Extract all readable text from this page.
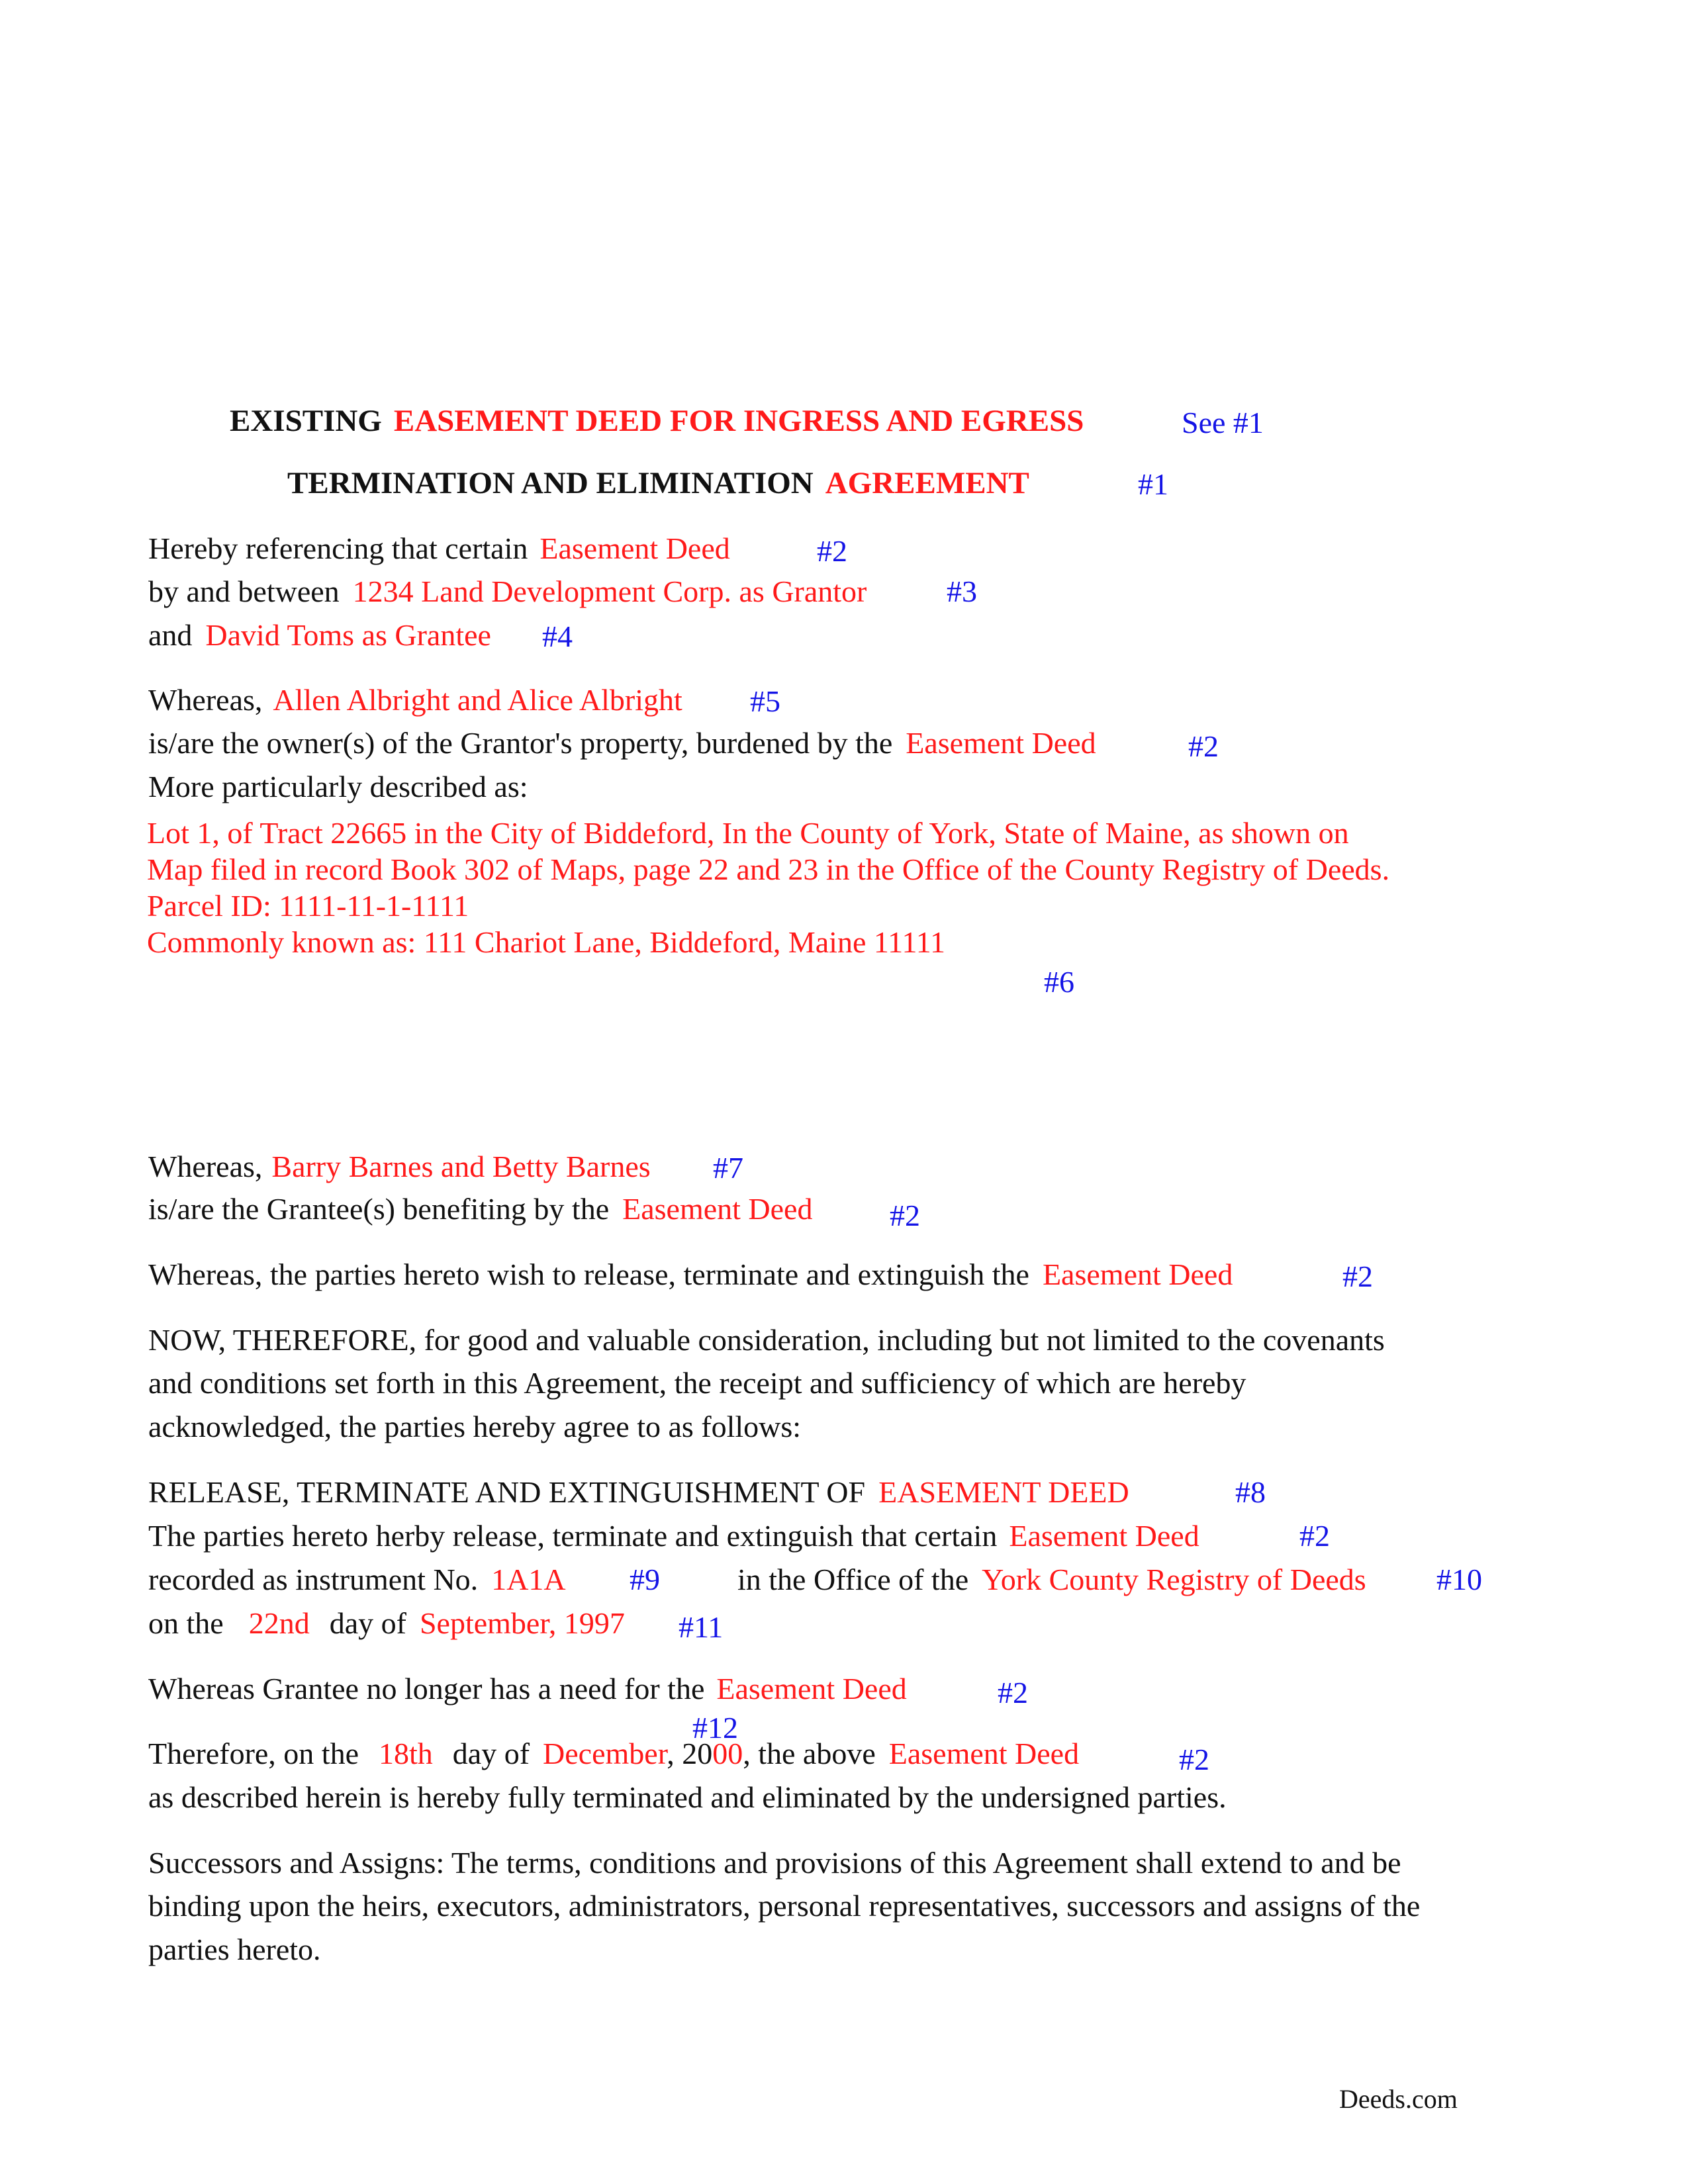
EXISTING EASEMENT DEED FOR INGRESS AND EGRESS	See #1
TERMINATION AND ELIMINATION AGREEMENT	#1
Hereby referencing that certain Easement Deed	#2
by and between 1234 Land Development Corp. as Grantor	#3
and David Toms as Grantee #4
Whereas, Allen Albright and Alice Albright #5
is/are the owner(s) of the Grantor's property, burdened by the Easement Deed	#2
More particularly described as:
Lot 1, of Tract 22665 in the City of Biddeford, In the County of York, State of Maine, as shown on
Map filed in record Book 302 of Maps, page 22 and 23 in the Office of the County Registry of Deeds.
Parcel ID: 1111-11-1-1111
Commonly known as: 111 Chariot Lane, Biddeford, Maine 11111
#6
Whereas, Barry Barnes and Betty Barnes #7
is/are the Grantee(s) benefiting by the Easement Deed	#2
Whereas, the parties hereto wish to release, terminate and extinguish the Easement Deed	#2
NOW, THEREFORE, for good and valuable consideration, including but not limited to the covenants
and conditions set forth in this Agreement, the receipt and sufficiency of which are hereby
acknowledged, the parties hereby agree to as follows:
RELEASE, TERMINATE AND EXTINGUISHMENT OF EASEMENT DEED	#8
The parties hereto herby release, terminate and extinguish that certain Easement Deed	#2
recorded as instrument No. 1A1A #9	in the Office of the York County Registry of Deeds #10
on the 22nd day of September, 1997 #11
Whereas Grantee no longer has a need for the Easement Deed	#2
#12
Therefore, on the 18th day of December, 2000, the above Easement Deed	#2
as described herein is hereby fully terminated and eliminated by the undersigned parties.
Successors and Assigns: The terms, conditions and provisions of this Agreement shall extend to and be
binding upon the heirs, executors, administrators, personal representatives, successors and assigns of the
parties hereto.
Deeds.com
